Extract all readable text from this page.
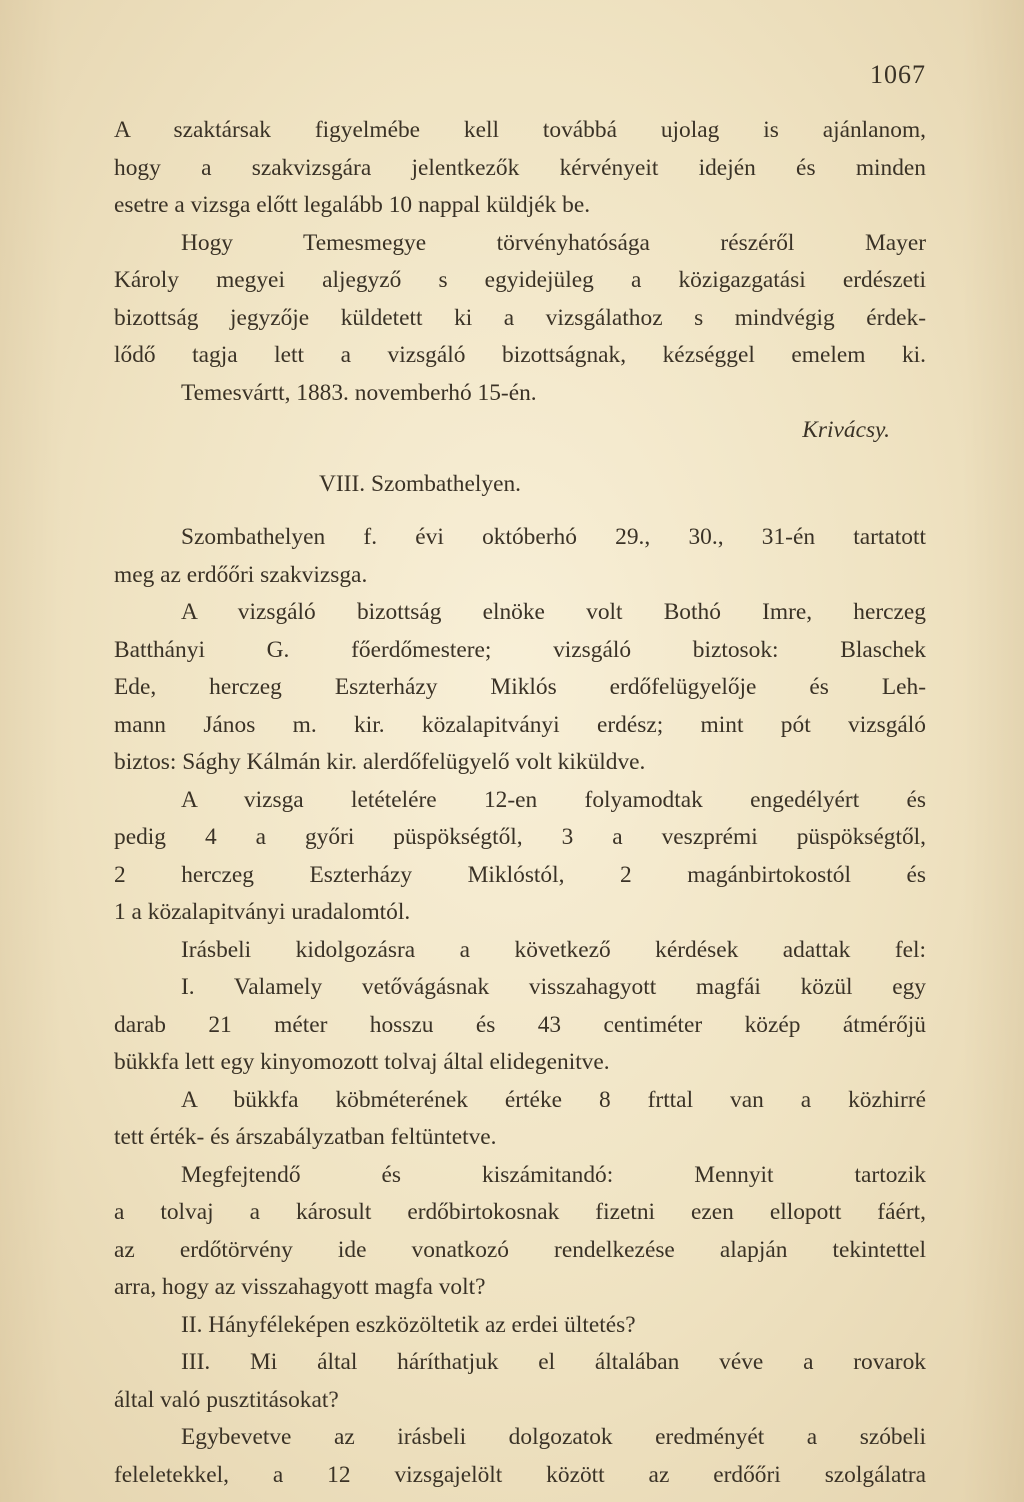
1067
A szaktársak figyelmébe kell továbbá ujolag is ajánlanom,
hogy a szakvizsgára jelentkezők kérvényeit idején és minden
esetre a vizsga előtt legalább 10 nappal küldjék be.
Hogy Temesmegye törvényhatósága részéről Mayer
Károly megyei aljegyző s egyidejüleg a közigazgatási erdészeti
bizottság jegyzője küldetett ki a vizsgálathoz s mindvégig érdek-
lődő tagja lett a vizsgáló bizottságnak, kézséggel emelem ki.
Temesvártt, 1883. novemberhó 15-én.
Krivácsy.
VIII. Szombathelyen.
Szombathelyen f. évi októberhó 29., 30., 31-én tartatott
meg az erdőőri szakvizsga.
A vizsgáló bizottság elnöke volt Bothó Imre, herczeg
Batthányi G. főerdőmestere; vizsgáló biztosok: Blaschek
Ede, herczeg Eszterházy Miklós erdőfelügyelője és Leh-
mann János m. kir. közalapitványi erdész; mint pót vizsgáló
biztos: Sághy Kálmán kir. alerdőfelügyelő volt kiküldve.
A vizsga letételére 12-en folyamodtak engedélyért és
pedig 4 a győri püspökségtől, 3 a veszprémi püspökségtől,
2 herczeg Eszterházy Miklóstól, 2 magánbirtokostól és
1 a közalapitványi uradalomtól.
Irásbeli kidolgozásra a következő kérdések adattak fel:
I. Valamely vetővágásnak visszahagyott magfái közül egy
darab 21 méter hosszu és 43 centiméter közép átmérőjü
bükkfa lett egy kinyomozott tolvaj által elidegenitve.
A bükkfa köbméterének értéke 8 frttal van a közhirré
tett érték- és árszabályzatban feltüntetve.
Megfejtendő és kiszámitandó: Mennyit tartozik
a tolvaj a károsult erdőbirtokosnak fizetni ezen ellopott fáért,
az erdőtörvény ide vonatkozó rendelkezése alapján tekintettel
arra, hogy az visszahagyott magfa volt?
II. Hányféleképen eszközöltetik az erdei ültetés?
III. Mi által háríthatjuk el általában véve a rovarok
által való pusztitásokat?
Egybevetve az irásbeli dolgozatok eredményét a szóbeli
feleletekkel, a 12 vizsgajelölt között az erdőőri szolgálatra
